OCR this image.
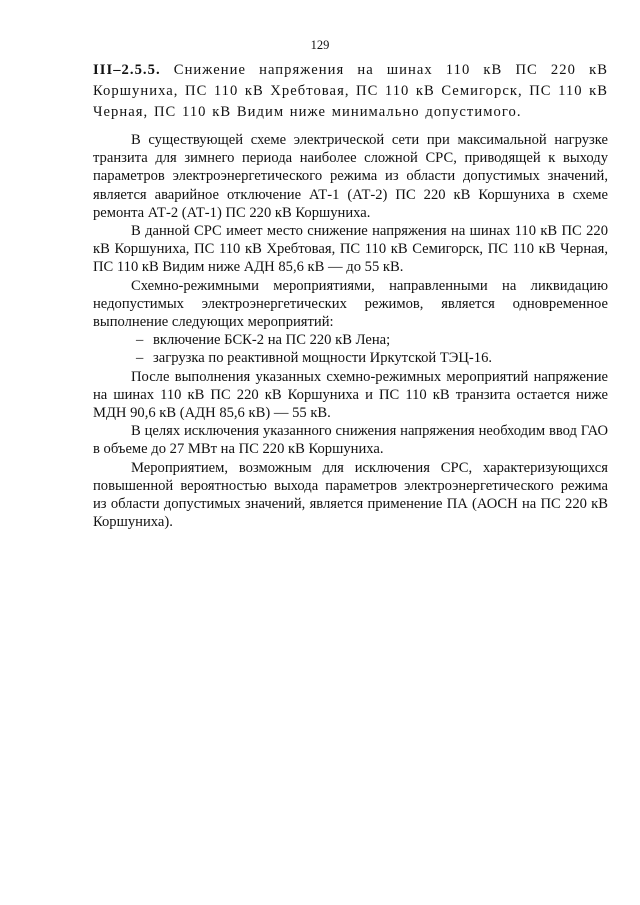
129

III–2.5.5. Снижение напряжения на шинах 110 кВ ПС 220 кВ Коршуниха, ПС 110 кВ Хребтовая, ПС 110 кВ Семигорск, ПС 110 кВ Черная, ПС 110 кВ Видим ниже минимально допустимого.

В существующей схеме электрической сети при максимальной нагрузке транзита для зимнего периода наиболее сложной СРС, приводящей к выходу параметров электроэнергетического режима из области допустимых значений, является аварийное отключение АТ-1 (АТ-2) ПС 220 кВ Коршуниха в схеме ремонта АТ-2 (АТ-1) ПС 220 кВ Коршуниха.

В данной СРС имеет место снижение напряжения на шинах 110 кВ ПС 220 кВ Коршуниха, ПС 110 кВ Хребтовая, ПС 110 кВ Семигорск, ПС 110 кВ Черная, ПС 110 кВ Видим ниже АДН 85,6 кВ — до 55 кВ.

Схемно-режимными мероприятиями, направленными на ликвидацию недопустимых электроэнергетических режимов, является одновременное выполнение следующих мероприятий:

– включение БСК-2 на ПС 220 кВ Лена;
– загрузка по реактивной мощности Иркутской ТЭЦ-16.

После выполнения указанных схемно-режимных мероприятий напряжение на шинах 110 кВ ПС 220 кВ Коршуниха и ПС 110 кВ транзита остается ниже МДН 90,6 кВ (АДН 85,6 кВ) — 55 кВ.

В целях исключения указанного снижения напряжения необходим ввод ГАО в объеме до 27 МВт на ПС 220 кВ Коршуниха.

Мероприятием, возможным для исключения СРС, характеризующихся повышенной вероятностью выхода параметров электроэнергетического режима из области допустимых значений, является применение ПА (АОСН на ПС 220 кВ Коршуниха).
